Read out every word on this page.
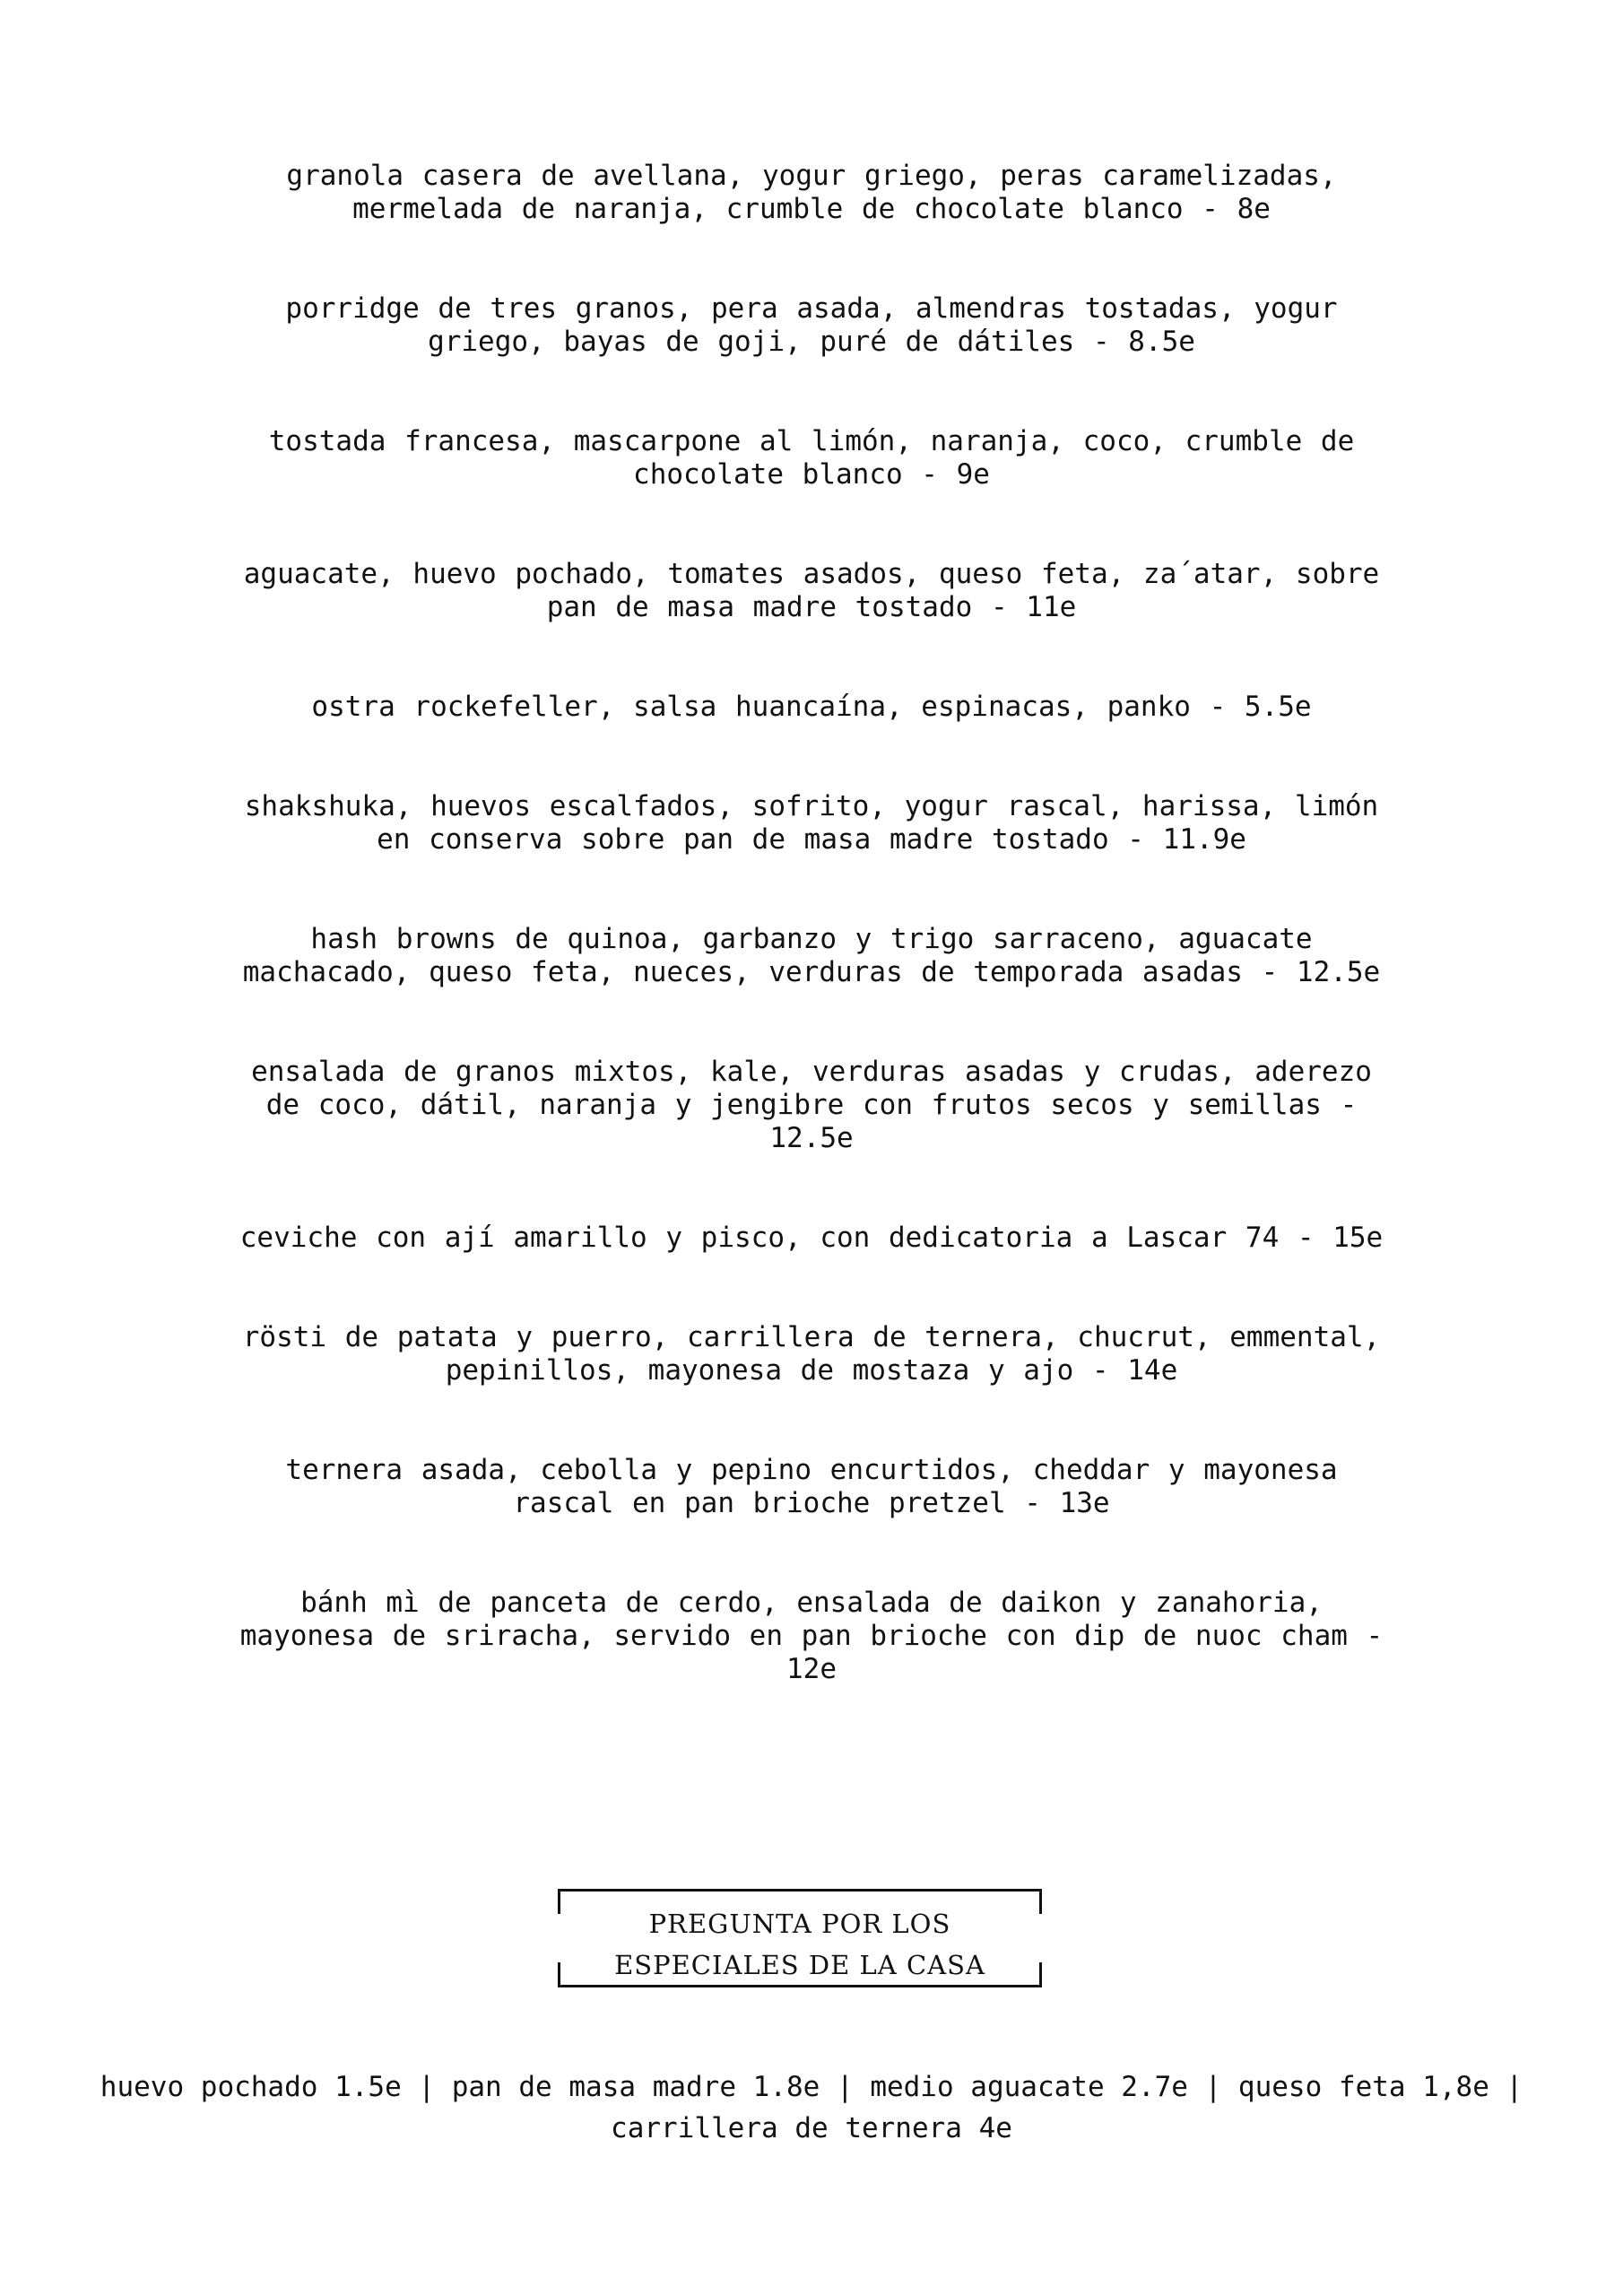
granola casera de avellana, yogur griego, peras caramelizadas, mermelada de naranja, crumble de chocolate blanco - 8e
porridge de tres granos, pera asada, almendras tostadas, yogur griego, bayas de goji, puré de dátiles - 8.5e
tostada francesa, mascarpone al limón, naranja, coco, crumble de chocolate blanco - 9e
aguacate, huevo pochado, tomates asados, queso feta, za´atar, sobre pan de masa madre tostado - 11e
ostra rockefeller, salsa huancaína, espinacas, panko - 5.5e
shakshuka, huevos escalfados, sofrito, yogur rascal, harissa, limón en conserva sobre pan de masa madre tostado - 11.9e
hash browns de quinoa, garbanzo y trigo sarraceno, aguacate machacado, queso feta, nueces, verduras de temporada asadas - 12.5e
ensalada de granos mixtos, kale, verduras asadas y crudas, aderezo de coco, dátil, naranja y jengibre con frutos secos y semillas - 12.5e
ceviche con ají amarillo y pisco, con dedicatoria a Lascar 74 - 15e
rösti de patata y puerro, carrillera de ternera, chucrut, emmental, pepinillos, mayonesa de mostaza y ajo - 14e
ternera asada, cebolla y pepino encurtidos, cheddar y mayonesa rascal en pan brioche pretzel - 13e
bánh mì de panceta de cerdo, ensalada de daikon y zanahoria, mayonesa de sriracha, servido en pan brioche con dip de nuoc cham - 12e
PREGUNTA POR LOS
ESPECIALES DE LA CASA
huevo pochado 1.5e | pan de masa madre 1.8e | medio aguacate 2.7e | queso feta 1,8e |
carrillera de ternera 4e
